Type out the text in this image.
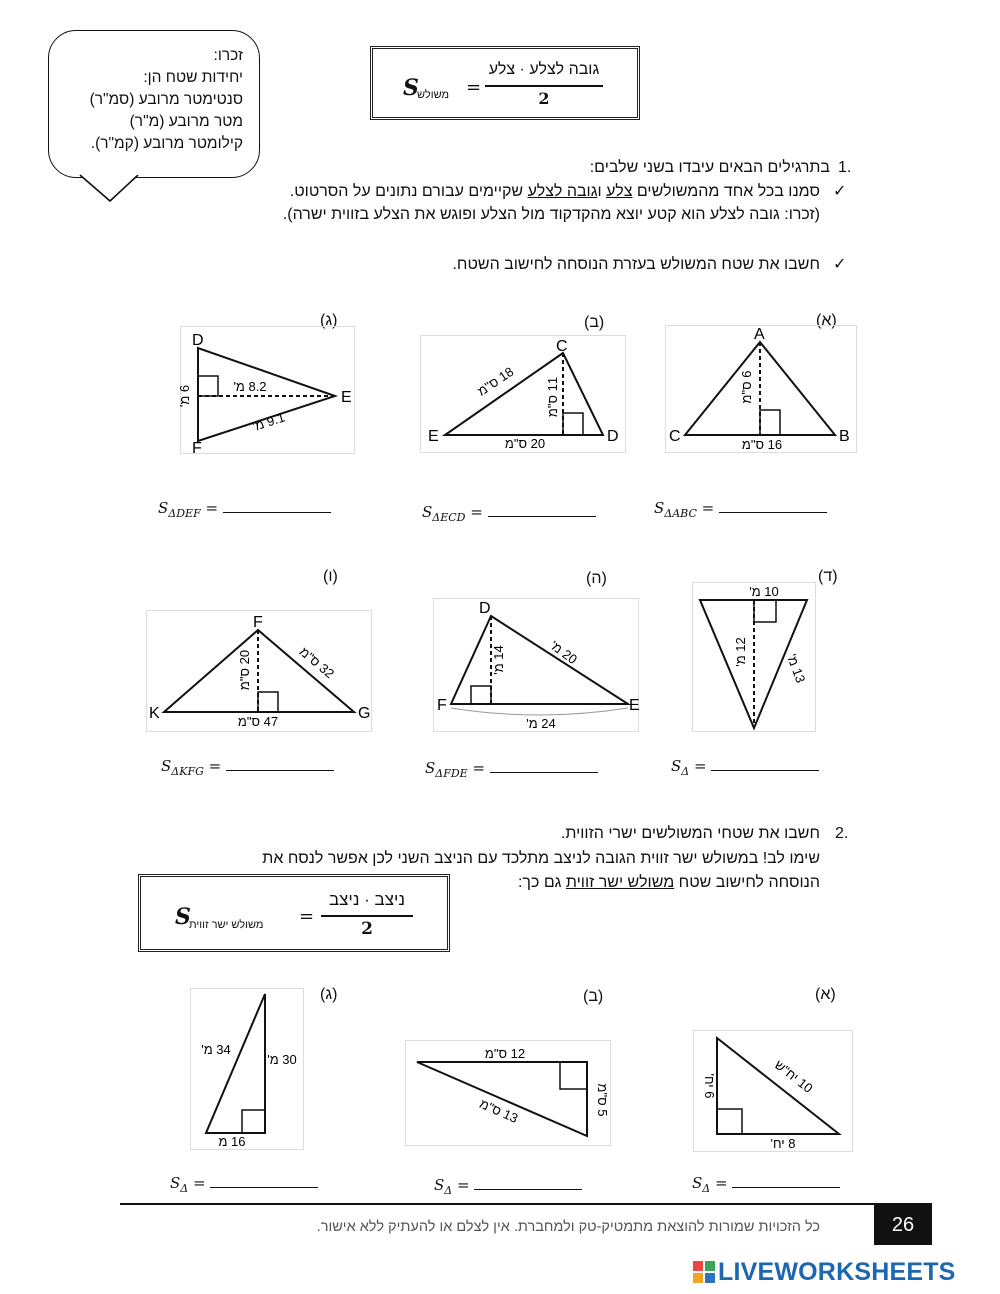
זכרו:
יחידות שטח הן:
סנטימטר מרובע (סמ"ר)
מטר מרובע (מ"ר)
קילומטר מרובע (קמ"ר).
S
משולש =
גובה לצלע · צלע
2
1.
בתרגילים הבאים עיבדו בשני שלבים:
✓
סמנו בכל אחד מהמשולשים צלע וגובה לצלע שקיימים עבורם נתונים על הסרטוט.
(זכרו: גובה לצלע הוא קטע יוצא מהקדקוד מול הצלע ופוגש את הצלע בזווית ישרה).
✓
חשבו את שטח המשולש בעזרת הנוסחה לחישוב השטח.
(א)
(ב)
(ג)
A
B
C
6 ס"מ
16 ס"מ
C
D
E
18 ס"מ
11 ס"מ
20 ס"מ
D
E
F
6 מ'	8.2 מ'
9.1 מ'
$S_{\Delta ABC}$ =
$S_{\Delta ECD}$ =
$S_{\Delta DEF}$ =
(ד)
(ה)
(ו)
10 מ'
12 מ'
13 מ'
D
F	E
14 מ'	20 מ'
24 מ'
F
K	G
20 ס"מ	32 ס"מ
47 ס"מ
$S_\Delta$ =
$S_{\Delta FDE}$ =
$S_{\Delta KFG}$ =
2.
חשבו את שטחי המשולשים ישרי הזווית.
שימו לב! במשולש ישר זווית הגובה לניצב מתלכד עם הניצב השני לכן אפשר לנסח את
הנוסחה לחישוב שטח משולש ישר זווית גם כך:
S
משולש ישר זווית =
ניצב · ניצב
2
(א)
(ב)
(ג)
6 יח'
10 יח"ש
8 יח'
12 ס"מ
5 ס"מ
13 ס"מ
34 מ'
30 מ'
16 מ
$S_\Delta$ =
$S_\Delta$ =
$S_\Delta$ =
26
כל הזכויות שמורות להוצאת מתמטיק-טק ולמחברת. אין לצלם או להעתיק ללא אישור.
LIVEWORKSHEETS
